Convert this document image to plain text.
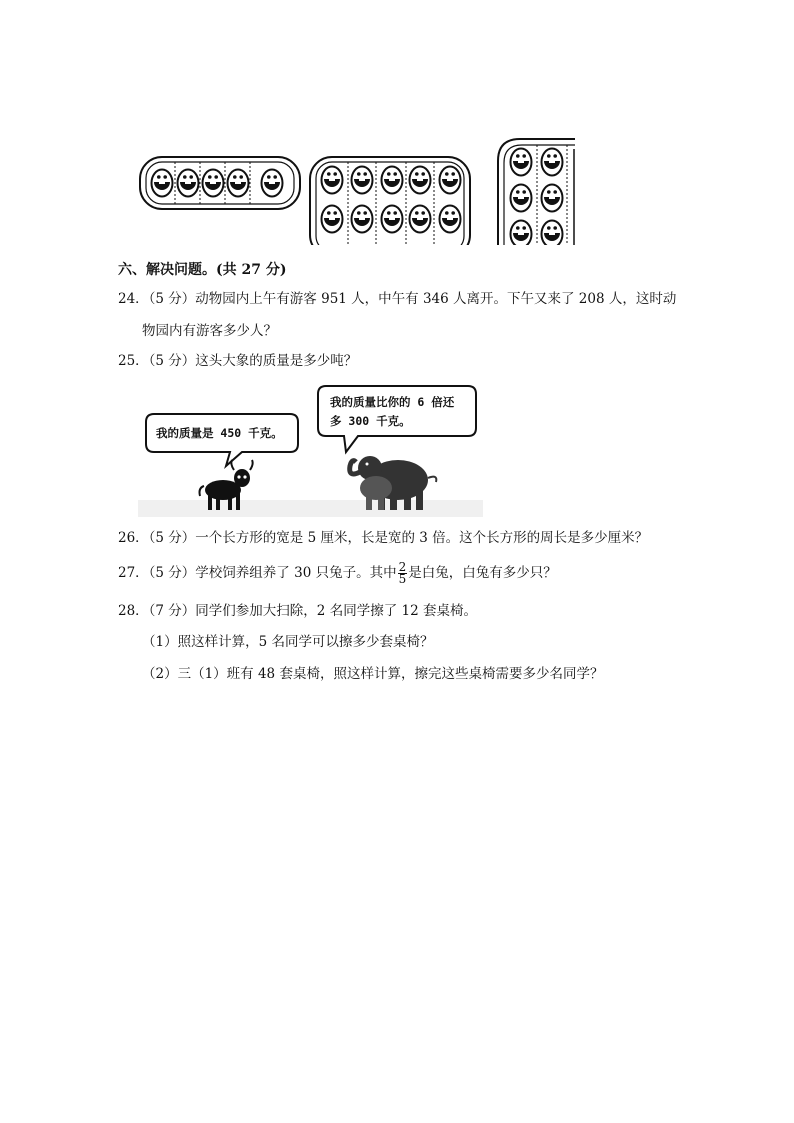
六、解决问题。(共 27 分)
24．（5 分）动物园内上午有游客 951 人，中午有 346 人离开。下午又来了 208 人，这时动
物园内有游客多少人？
25．（5 分）这头大象的质量是多少吨？
我的质量是 450 千克。
我的质量比你的 6 倍还
多 300 千克。
26．（5 分）一个长方形的宽是 5 厘米，长是宽的 3 倍。这个长方形的周长是多少厘米？
27．（5 分）学校饲养组养了 30 只兔子。其中 $\frac{2}{5}$ 是白兔，白兔有多少只？
28．（7 分）同学们参加大扫除，2 名同学擦了 12 套桌椅。
（1）照这样计算，5 名同学可以擦多少套桌椅？
（2）三（1）班有 48 套桌椅，照这样计算，擦完这些桌椅需要多少名同学？
